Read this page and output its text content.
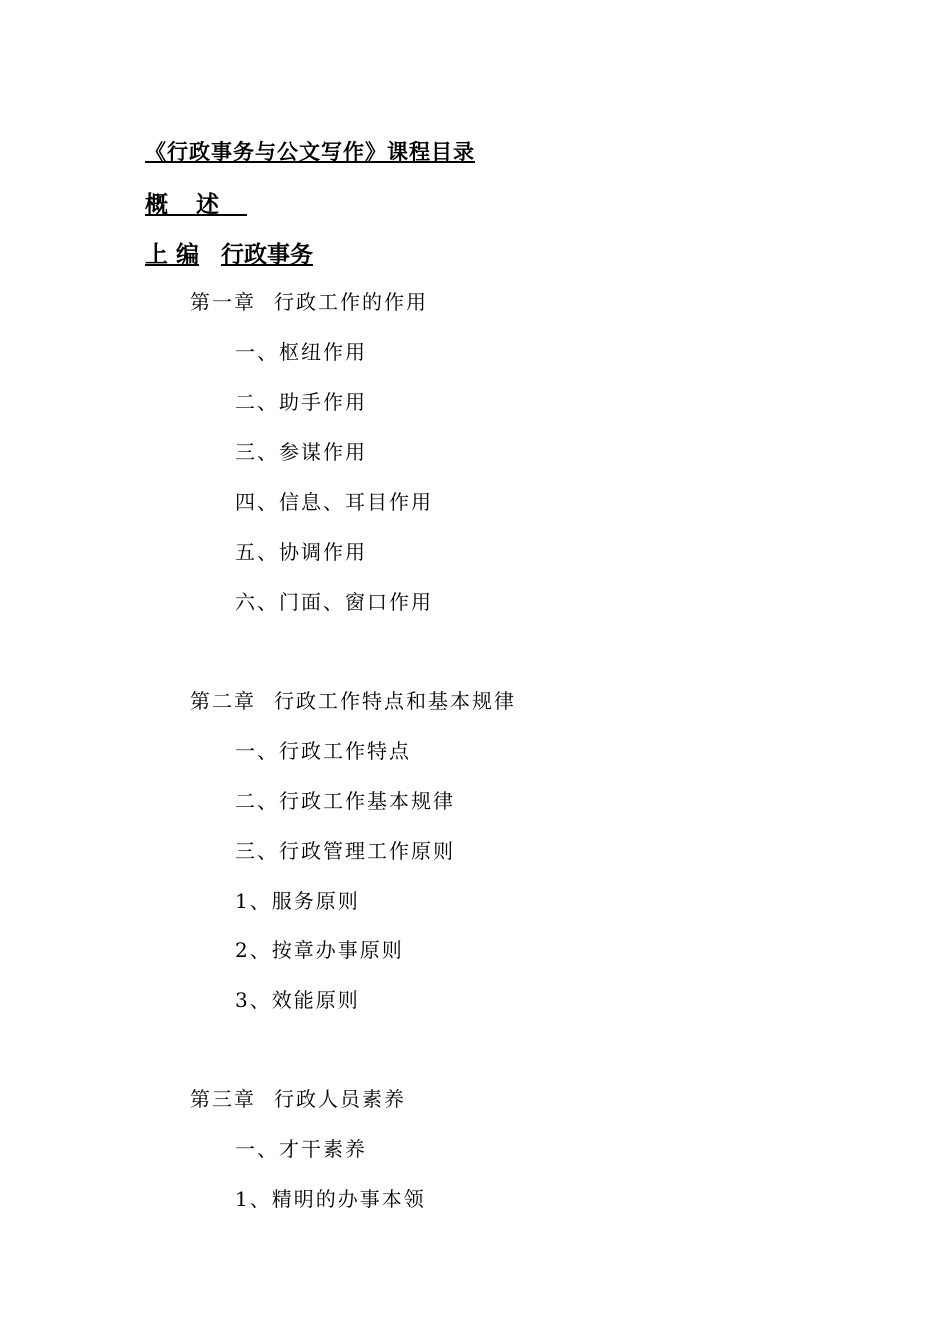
《行政事务与公文写作》课程目录
概述
上 编 行政事务
第一章 行政工作的作用
一、枢纽作用
二、助手作用
三、参谋作用
四、信息、耳目作用
五、协调作用
六、门面、窗口作用
第二章 行政工作特点和基本规律
一、行政工作特点
二、行政工作基本规律
三、行政管理工作原则
1、服务原则
2、按章办事原则
3、效能原则
第三章 行政人员素养
一、才干素养
1、精明的办事本领
